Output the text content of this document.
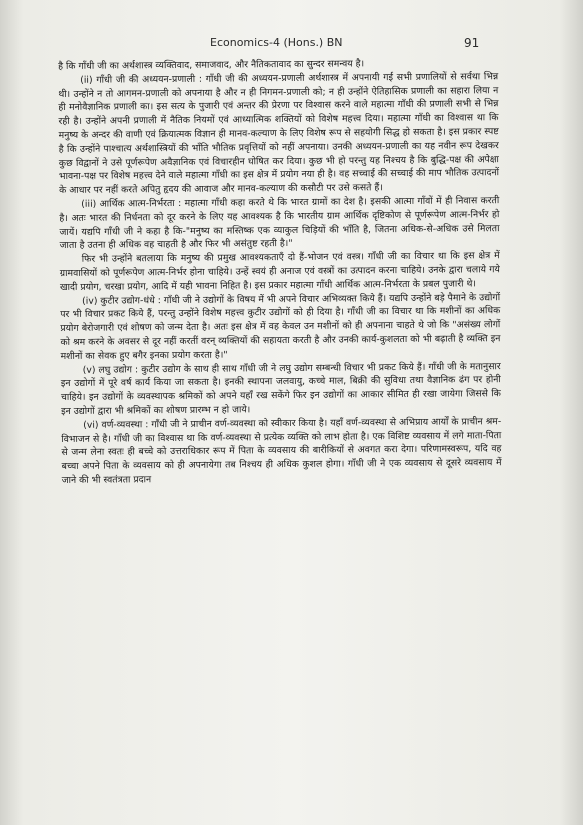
Economics-4 (Hons.) BN	91

है कि गाँधी जी का अर्थशास्त्र व्यक्तिवाद, समाजवाद, और नैतिकतावाद का सुन्दर समन्वय है।

(ii) गाँधी जी की अध्ययन-प्रणाली : गाँधी जी की अध्ययन-प्रणाली अर्थशास्त्र में अपनायी गई सभी प्रणालियों से सर्वथा भिन्न थी। उन्होंने न तो आगमन-प्रणाली को अपनाया है और न ही निगमन-प्रणाली को; न ही उन्होंने ऐतिहासिक प्रणाली का सहारा लिया न ही मनोवैज्ञानिक प्रणाली का। इस सत्य के पुजारी एवं अन्तर की प्रेरणा पर विश्वास करने वाले महात्मा गाँधी की प्रणाली सभी से भिन्न रही है। उन्होंने अपनी प्रणाली में नैतिक नियमों एवं आध्यात्मिक शक्तियों को विशेष महत्त्व दिया। महात्मा गाँधी का विश्वास था कि मनुष्य के अन्दर की वाणी एवं क्रियात्मक विज्ञान ही मानव-कल्याण के लिए विशेष रूप से सहयोगी सिद्ध हो सकता है। इस प्रकार स्पष्ट है कि उन्होंने पाश्चात्य अर्थशास्त्रियों की भाँति भौतिक प्रवृत्तियों को नहीं अपनाया। उनकी अध्ययन-प्रणाली का यह नवीन रूप देखकर कुछ विद्वानों ने उसे पूर्णरूपेण अवैज्ञानिक एवं विचारहीन घोषित कर दिया। कुछ भी हो परन्तु यह निश्चय है कि बुद्धि-पक्ष की अपेक्षा भावना-पक्ष पर विशेष महत्त्व देने वाले महात्मा गाँधी का इस क्षेत्र में प्रयोग नया ही है। वह सच्चाई की सच्चाई की माप भौतिक उत्पादनों के आधार पर नहीं करते अपितु हृदय की आवाज और मानव-कल्याण की कसौटी पर उसे कसते हैं।

(iii) आर्थिक आत्म-निर्भरता : महात्मा गाँधी कहा करते थे कि भारत ग्रामों का देश है। इसकी आत्मा गाँवों में ही निवास करती है। अतः भारत की निर्धनता को दूर करने के लिए यह आवश्यक है कि भारतीय ग्राम आर्थिक दृष्टिकोण से पूर्णरूपेण आत्म-निर्भर हो जायें। यद्यपि गाँधी जी ने कहा है कि-"मनुष्य का मस्तिष्क एक व्याकुल चिड़ियों की भाँति है, जितना अधिक-से-अधिक उसे मिलता जाता है उतना ही अधिक वह चाहती है और फिर भी असंतुष्ट रहती है।"

फिर भी उन्होंने बतलाया कि मनुष्य की प्रमुख आवश्यकताएँ दो हैं-भोजन एवं वस्त्र। गाँधी जी का विचार था कि इस क्षेत्र में ग्रामवासियों को पूर्णरूपेण आत्म-निर्भर होना चाहिये। उन्हें स्वयं ही अनाज एवं वस्त्रों का उत्पादन करना चाहिये। उनके द्वारा चलाये गये खादी प्रयोग, चरखा प्रयोग, आदि में यही भावना निहित है। इस प्रकार महात्मा गाँधी आर्थिक आत्म-निर्भरता के प्रबल पुजारी थे।

(iv) कुटीर उद्योग-धंधे : गाँधी जी ने उद्योगों के विषय में भी अपने विचार अभिव्यक्त किये हैं। यद्यपि उन्होंने बड़े पैमाने के उद्योगों पर भी विचार प्रकट किये हैं, परन्तु उन्होंने विशेष महत्त्व कुटीर उद्योगों को ही दिया है। गाँधी जी का विचार था कि मशीनों का अधिक प्रयोग बेरोजगारी एवं शोषण को जन्म देता है। अतः इस क्षेत्र में वह केवल उन मशीनों को ही अपनाना चाहते थे जो कि "असंख्य लोगों को श्रम करने के अवसर से दूर नहीं करतीं वरन् व्यक्तियों की सहायता करती है और उनकी कार्य-कुशलता को भी बढ़ाती है व्यक्ति इन मशीनों का सेवक हुए बगैर इनका प्रयोग करता है।"

(v) लघु उद्योग : कुटीर उद्योग के साथ ही साथ गाँधी जी ने लघु उद्योग सम्बन्धी विचार भी प्रकट किये हैं। गाँधी जी के मतानुसार इन उद्योगों में पूरे वर्ष कार्य किया जा सकता है। इनकी स्थापना जलवायु, कच्चे माल, बिक्री की सुविधा तथा वैज्ञानिक ढंग पर होनी चाहिये। इन उद्योगों के व्यवस्थापक श्रमिकों को अपने यहाँ रख सकेंगे फिर इन उद्योगों का आकार सीमित ही रखा जायेगा जिससे कि इन उद्योगों द्वारा भी श्रमिकों का शोषण प्रारम्भ न हो जाये।

(vi) वर्ण-व्यवस्था : गाँधी जी ने प्राचीन वर्ण-व्यवस्था को स्वीकार किया है। यहाँ वर्ण-व्यवस्था से अभिप्राय आर्यों के प्राचीन श्रम-विभाजन से है। गाँधी जी का विश्वास था कि वर्ण-व्यवस्था से प्रत्येक व्यक्ति को लाभ होता है। एक विशिष्ट व्यवसाय में लगे माता-पिता से जन्म लेना स्वतः ही बच्चे को उत्तराधिकार रूप में पिता के व्यवसाय की बारीकियों से अवगत करा देगा। परिणामस्वरूप, यदि वह बच्चा अपने पिता के व्यवसाय को ही अपनायेगा तब निश्चय ही अधिक कुशल होगा। गाँधी जी ने एक व्यवसाय से दूसरे व्यवसाय में जाने की भी स्वतंत्रता प्रदान
